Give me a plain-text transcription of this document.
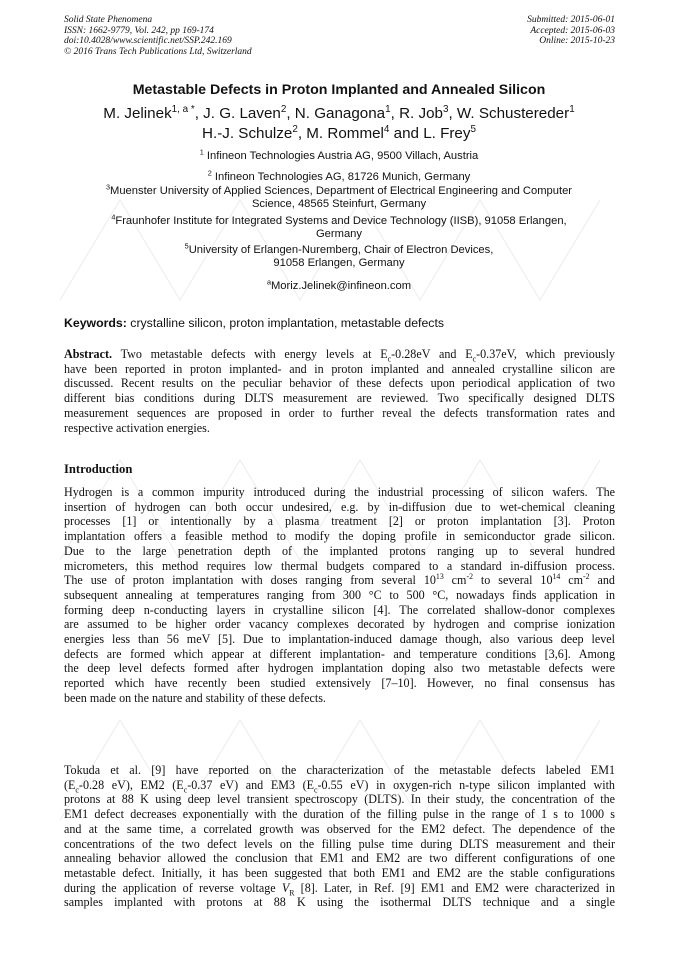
Solid State Phenomena
ISSN: 1662-9779, Vol. 242, pp 169-174
doi:10.4028/www.scientific.net/SSP.242.169
© 2016 Trans Tech Publications Ltd, Switzerland
Submitted: 2015-06-01
Accepted: 2015-06-03
Online: 2015-10-23
Metastable Defects in Proton Implanted and Annealed Silicon
M. Jelinek$^{1, a *}$, J. G. Laven$^2$, N. Ganagona$^1$, R. Job$^3$, W. Schustereder$^1$
H.-J. Schulze$^2$, M. Rommel$^4$ and L. Frey$^5$
$^1$ Infineon Technologies Austria AG, 9500 Villach, Austria
$^2$ Infineon Technologies AG, 81726 Munich, Germany
$^3$Muenster University of Applied Sciences, Department of Electrical Engineering and Computer
Science, 48565 Steinfurt, Germany
$^4$Fraunhofer Institute for Integrated Systems and Device Technology (IISB), 91058 Erlangen,
Germany
$^5$University of Erlangen-Nuremberg, Chair of Electron Devices,
91058 Erlangen, Germany
$^a$Moriz.Jelinek@infineon.com
Keywords: crystalline silicon, proton implantation, metastable defects
Abstract. Two metastable defects with energy levels at $E_c-0.28eV$ and $E_c-0.37eV$, which previously
have been reported in proton implanted- and in proton implanted and annealed crystalline silicon are
discussed. Recent results on the peculiar behavior of these defects upon periodical application of two
different bias conditions during DLTS measurement are reviewed. Two specifically designed DLTS
measurement sequences are proposed in order to further reveal the defects transformation rates and
respective activation energies.
Introduction
Hydrogen is a common impurity introduced during the industrial processing of silicon wafers. The
insertion of hydrogen can both occur undesired, e.g. by in-diffusion due to wet-chemical cleaning
processes [1] or intentionally by a plasma treatment [2] or proton implantation [3]. Proton
implantation offers a feasible method to modify the doping profile in semiconductor grade silicon.
Due to the large penetration depth of the implanted protons ranging up to several hundred
micrometers, this method requires low thermal budgets compared to a standard in-diffusion process.
The use of proton implantation with doses ranging from several $10^{13}$ $cm^{-2}$ to several $10^{14}$ $cm^{-2}$ and
subsequent annealing at temperatures ranging from 300 °C to 500 °C, nowadays finds application in
forming deep n-conducting layers in crystalline silicon [4]. The correlated shallow-donor complexes
are assumed to be higher order vacancy complexes decorated by hydrogen and comprise ionization
energies less than 56 meV [5]. Due to implantation-induced damage though, also various deep level
defects are formed which appear at different implantation- and temperature conditions [3,6]. Among
the deep level defects formed after hydrogen implantation doping also two metastable defects were
reported which have recently been studied extensively [7–10]. However, no final consensus has
been made on the nature and stability of these defects.
Tokuda et al. [9] have reported on the characterization of the metastable defects labeled EM1
($E_c-0.28$ eV), EM2 ($E_c-0.37$ eV) and EM3 ($E_c-0.55$ eV) in oxygen-rich n-type silicon implanted with
protons at 88 K using deep level transient spectroscopy (DLTS). In their study, the concentration of the
EM1 defect decreases exponentially with the duration of the filling pulse in the range of 1 s to 1000 s
and at the same time, a correlated growth was observed for the EM2 defect. The dependence of the
concentrations of the two defect levels on the filling pulse time during DLTS measurement and their
annealing behavior allowed the conclusion that EM1 and EM2 are two different configurations of one
metastable defect. Initially, it has been suggested that both EM1 and EM2 are the stable configurations
during the application of reverse voltage $V_R$ [8]. Later, in Ref. [9] EM1 and EM2 were characterized in
samples implanted with protons at 88 K using the isothermal DLTS technique and a single
